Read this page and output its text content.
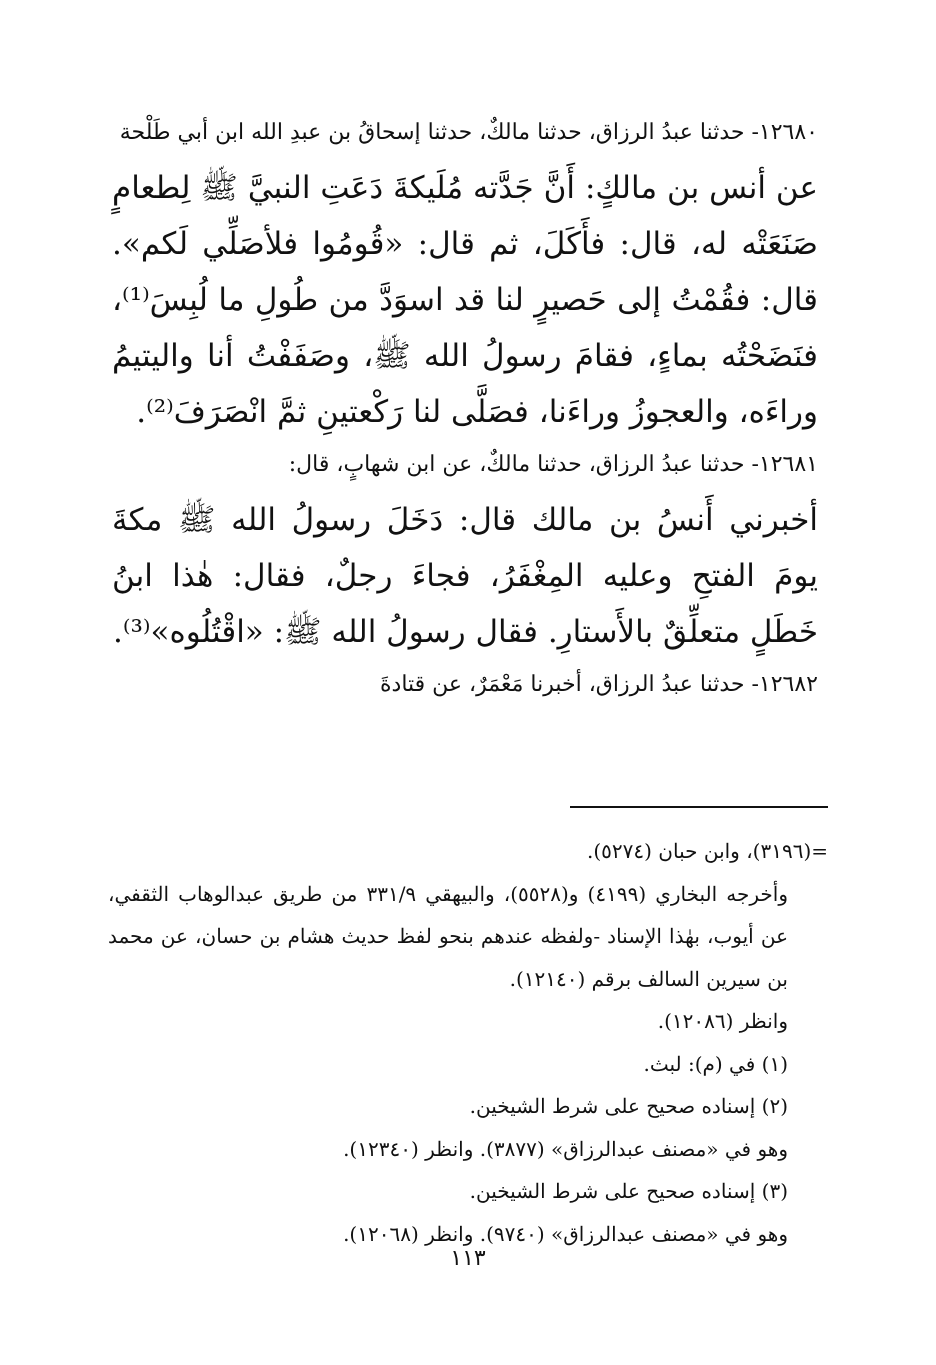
١٢٦٨٠- حدثنا عبدُ الرزاق، حدثنا مالكٌ، حدثنا إسحاقُ بن عبدِ الله ابن أبي طَلْحة

عن أنس بن مالكٍ: أَنَّ جَدَّته مُلَيكةَ دَعَتِ النبيَّ ﷺ لِطعامٍ صَنَعَتْه له، قال: فأَكَلَ، ثم قال: «قُومُوا فلأصَلِّي لَكم». قال: فقُمْتُ إلى حَصيرٍ لنا قد اسوَدَّ من طُولِ ما لُبِسَ⁽¹⁾، فنَضَحْتُه بماءٍ، فقامَ رسولُ الله ﷺ، وصَفَفْتُ أنا واليتيمُ وراءَه، والعجوزُ وراءَنا، فصَلَّى لنا رَكْعتينِ ثمَّ انْصَرَفَ⁽²⁾.

١٢٦٨١- حدثنا عبدُ الرزاق، حدثنا مالكٌ، عن ابن شهابٍ، قال:

أخبرني أَنسُ بن مالك قال: دَخَلَ رسولُ الله ﷺ مكةَ يومَ الفتحِ وعليه المِغْفَرُ، فجاءَ رجلٌ، فقال: هٰذا ابنُ خَطَلٍ متعلِّقٌ بالأَستارِ. فقال رسولُ الله ﷺ: «اقْتُلُوه»⁽³⁾.

١٢٦٨٢- حدثنا عبدُ الرزاق، أخبرنا مَعْمَرٌ، عن قتادةَ

=(٣١٩٦)، وابن حبان (٥٢٧٤).

وأخرجه البخاري (٤١٩٩) و(٥٥٢٨)، والبيهقي ٣٣١/٩ من طريق عبدالوهاب الثقفي، عن أيوب، بهٰذا الإسناد -ولفظه عندهم بنحو لفظ حديث هشام بن حسان، عن محمد بن سيرين السالف برقم (١٢١٤٠).

وانظر (١٢٠٨٦).

(١) في (م): لبث.

(٢) إسناده صحيح على شرط الشيخين.

وهو في «مصنف عبدالرزاق» (٣٨٧٧). وانظر (١٢٣٤٠).

(٣) إسناده صحيح على شرط الشيخين.

وهو في «مصنف عبدالرزاق» (٩٧٤٠). وانظر (١٢٠٦٨).

١١٣
